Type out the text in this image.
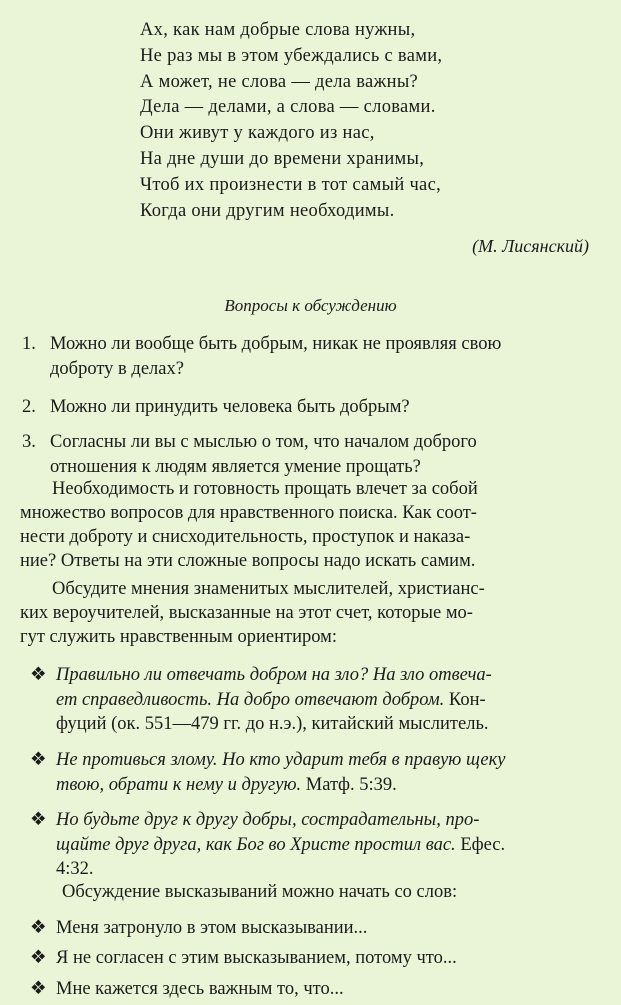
Ах, как нам добрые слова нужны,
Не раз мы в этом убеждались с вами,
А может, не слова — дела важны?
Дела — делами, а слова — словами.
Они живут у каждого из нас,
На дне души до времени хранимы,
Чтоб их произнести в тот самый час,
Когда они другим необходимы.
(М. Лисянский)
Вопросы к обсуждению
1. Можно ли вообще быть добрым, никак не проявляя свою
доброту в делах?
2. Можно ли принудить человека быть добрым?
3. Согласны ли вы с мыслью о том, что началом доброго
отношения к людям является умение прощать?
Необходимость и готовность прощать влечет за собой
множество вопросов для нравственного поиска. Как соот-
нести доброту и снисходительность, проступок и наказа-
ние? Ответы на эти сложные вопросы надо искать самим.
Обсудите мнения знаменитых мыслителей, христианс-
ких вероучителей, высказанные на этот счет, которые мо-
гут служить нравственным ориентиром:
❖ Правильно ли отвечать добром на зло? На зло отвеча-
ет справедливость. На добро отвечают добром. Кон-
фуций (ок. 551—479 гг. до н.э.), китайский мыслитель.
❖ Не противься злому. Но кто ударит тебя в правую щеку
твою, обрати к нему и другую. Матф. 5:39.
❖ Но будьте друг к другу добры, сострадательны, про-
щайте друг друга, как Бог во Христе простил вас. Ефес.
4:32.
Обсуждение высказываний можно начать со слов:
❖ Меня затронуло в этом высказывании...
❖ Я не согласен с этим высказыванием, потому что...
❖ Мне кажется здесь важным то, что...
